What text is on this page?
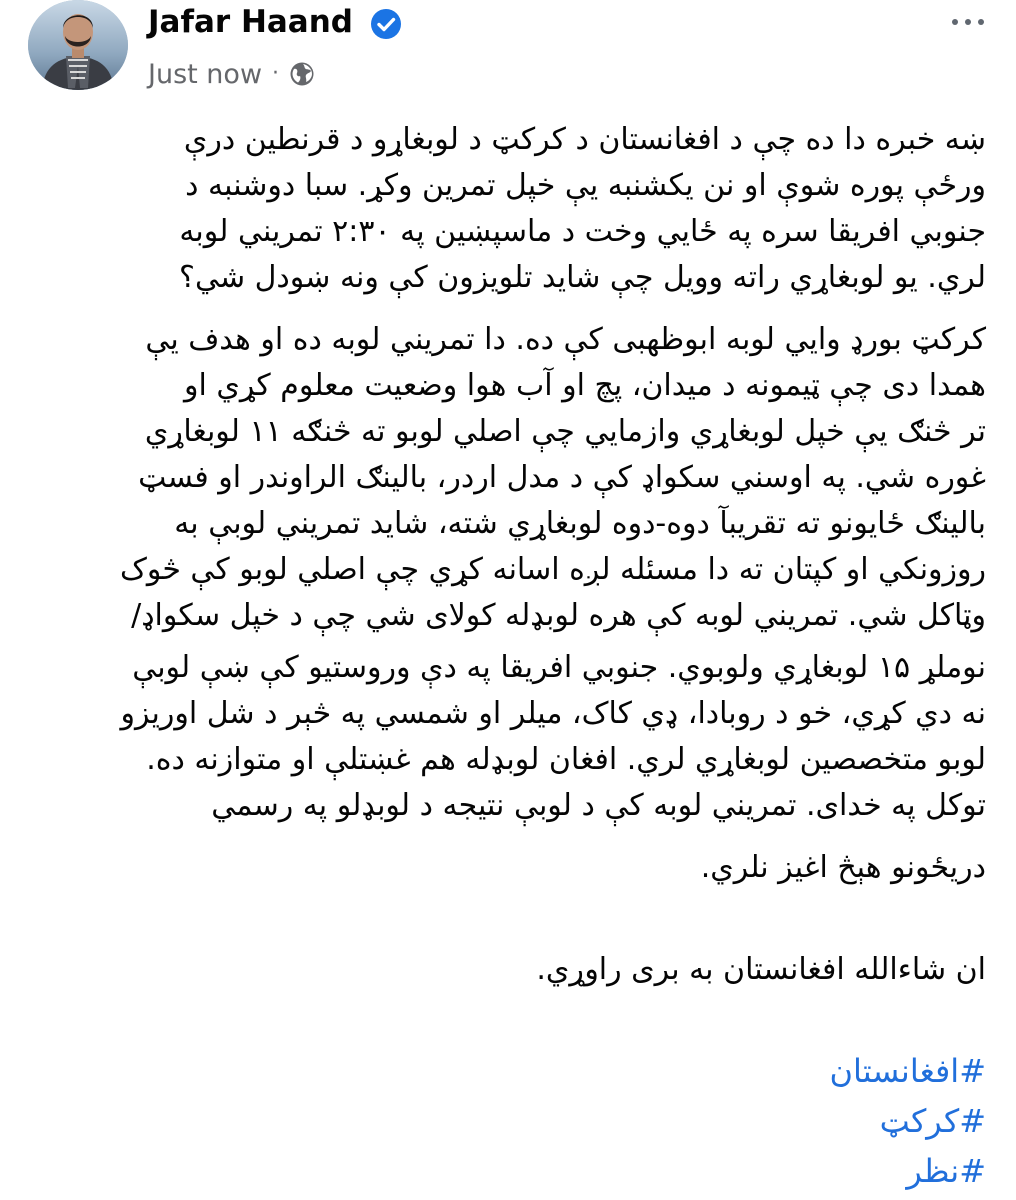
Jafar Haand
Just now ·
ښه خبره دا ده چې د افغانستان د کرکټ د لوبغاړو د قرنطین درې
ورځې پوره شوې او نن یکشنبه یې خپل تمرین وکړ. سبا دوشنبه د
جنوبي افریقا سره په ځایي وخت د ماسپښین په ۲:۳۰ تمریني لوبه
لري. یو لوبغاړي راته وویل چې شاید تلویزون کې ونه ښودل شي؟
کرکټ بورډ وایي لوبه ابوظهبی کې ده. دا تمریني لوبه ده او هدف یې
همدا دی چې ټیمونه د میدان، پچ او آب هوا وضعیت معلوم کړي او
تر څنګ یې خپل لوبغاړي وازمایي چې اصلي لوبو ته څنګه ۱۱ لوبغاړي
غوره شي. په اوسني سکواډ کې د مدل اردر، بالینګ الراوندر او فسټ
بالینګ ځایونو ته تقریبآ دوه-دوه لوبغاړي شته، شاید تمریني لوبې به
روزونکي او کپتان ته دا مسئله لږه اسانه کړي چې اصلي لوبو کې څوک
وټاکل شي. تمریني لوبه کې هره لوبډله کولای شي چې د خپل سکواډ/
نوملړ ۱۵ لوبغاړي ولوبوي. جنوبي افریقا په دې وروستیو کې ښې لوبې
نه دي کړي، خو د روبادا، ډي کاک، میلر او شمسي په څېر د شل اوریزو
لوبو متخصصین لوبغاړي لري. افغان لوبډله هم غښتلې او متوازنه ده.
توکل په خدای. تمریني لوبه کې د لوبې نتیجه د لوبډلو په رسمي
دریځونو هېڅ اغیز نلري.
ان شاءالله افغانستان به بری راوړي.
#افغانستان
#کرکټ
#نظر
